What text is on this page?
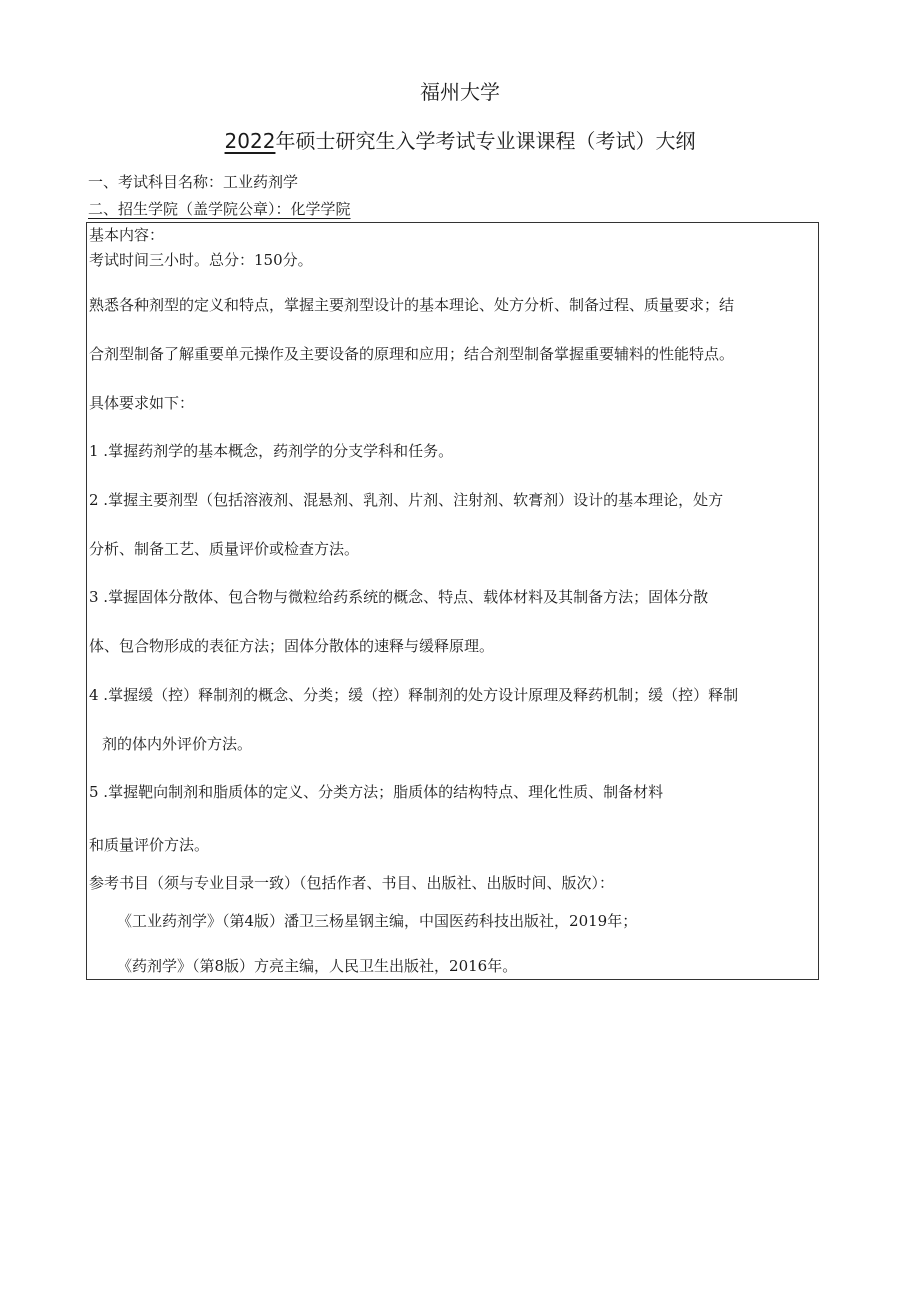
福州大学
2022年硕士研究生入学考试专业课课程（考试）大纲
一、考试科目名称：工业药剂学
二、招生学院（盖学院公章）：化学学院
基本内容：
考试时间三小时。总分：150分。
熟悉各种剂型的定义和特点，掌握主要剂型设计的基本理论、处方分析、制备过程、质量要求；结
合剂型制备了解重要单元操作及主要设备的原理和应用；结合剂型制备掌握重要辅料的性能特点。
具体要求如下：
1 .掌握药剂学的基本概念，药剂学的分支学科和任务。
2 .掌握主要剂型（包括溶液剂、混悬剂、乳剂、片剂、注射剂、软膏剂）设计的基本理论，处方
分析、制备工艺、质量评价或检查方法。
3 .掌握固体分散体、包合物与微粒给药系统的概念、特点、载体材料及其制备方法；固体分散
体、包合物形成的表征方法；固体分散体的速释与缓释原理。
4 .掌握缓（控）释制剂的概念、分类；缓（控）释制剂的处方设计原理及释药机制；缓（控）释制
剂的体内外评价方法。
5 .掌握靶向制剂和脂质体的定义、分类方法；脂质体的结构特点、理化性质、制备材料
和质量评价方法。
参考书目（须与专业目录一致）（包括作者、书目、出版社、出版时间、版次）：
《工业药剂学》（第4版）潘卫三杨星钢主编，中国医药科技出版社，2019年；
《药剂学》（第8版）方亮主编，人民卫生出版社，2016年。
